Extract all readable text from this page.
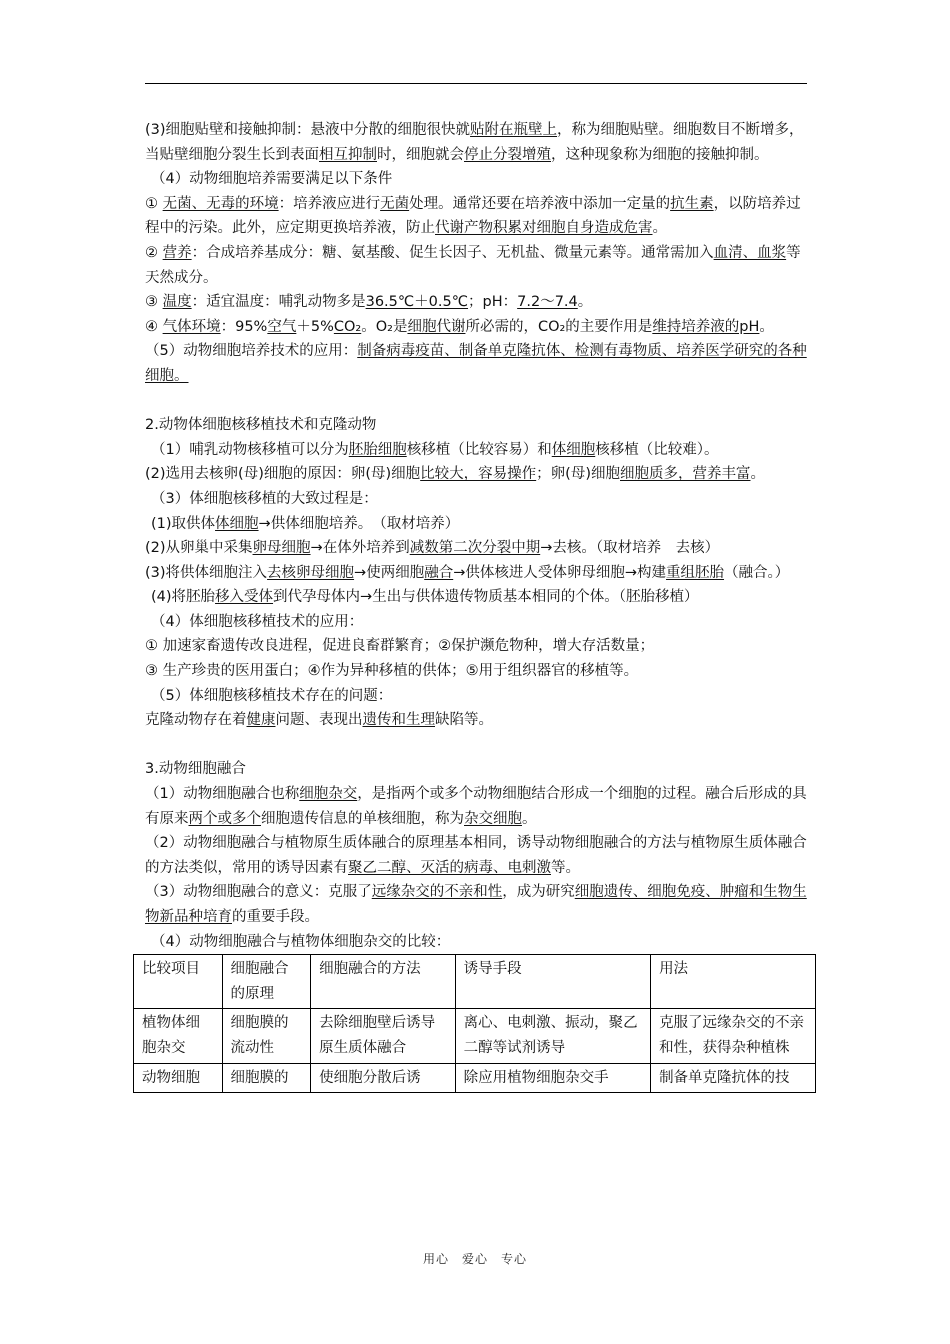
(3)细胞贴壁和接触抑制：悬液中分散的细胞很快就贴附在瓶壁上，称为细胞贴壁。细胞数目不断增多，当贴壁细胞分裂生长到表面相互抑制时，细胞就会停止分裂增殖，这种现象称为细胞的接触抑制。

（4）动物细胞培养需要满足以下条件

① 无菌、无毒的环境：培养液应进行无菌处理。通常还要在培养液中添加一定量的抗生素，以防培养过程中的污染。此外，应定期更换培养液，防止代谢产物积累对细胞自身造成危害。

② 营养：合成培养基成分：糖、氨基酸、促生长因子、无机盐、微量元素等。通常需加入血清、血浆等天然成分。

③ 温度：适宜温度：哺乳动物多是36.5℃＋0.5℃；pH：7.2～7.4。

④ 气体环境：95%空气＋5%CO₂。O₂是细胞代谢所必需的，CO₂的主要作用是维持培养液的pH。

（5）动物细胞培养技术的应用：制备病毒疫苗、制备单克隆抗体、检测有毒物质、培养医学研究的各种细胞。

2.动物体细胞核移植技术和克隆动物

（1）哺乳动物核移植可以分为胚胎细胞核移植（比较容易）和体细胞核移植（比较难）。

(2)选用去核卵(母)细胞的原因：卵(母)细胞比较大，容易操作；卵(母)细胞细胞质多，营养丰富。

（3）体细胞核移植的大致过程是：

(1)取供体体细胞→供体细胞培养。　（取材培养）

(2)从卵巢中采集卵母细胞→在体外培养到减数第二次分裂中期→去核。（取材培养　去核）

(3)将供体细胞注入去核卵母细胞→使两细胞融合→供体核进人受体卵母细胞→构建重组胚胎（融合。）

(4)将胚胎移入受体到代孕母体内→生出与供体遗传物质基本相同的个体。（胚胎移植）

（4）体细胞核移植技术的应用：

① 加速家畜遗传改良进程，促进良畜群繁育；②保护濒危物种，增大存活数量；

③ 生产珍贵的医用蛋白；④作为异种移植的供体；⑤用于组织器官的移植等。

（5）体细胞核移植技术存在的问题：

克隆动物存在着健康问题、表现出遗传和生理缺陷等。

3.动物细胞融合

（1）动物细胞融合也称细胞杂交，是指两个或多个动物细胞结合形成一个细胞的过程。融合后形成的具有原来两个或多个细胞遗传信息的单核细胞，称为杂交细胞。

（2）动物细胞融合与植物原生质体融合的原理基本相同，诱导动物细胞融合的方法与植物原生质体融合的方法类似，常用的诱导因素有聚乙二醇、灭活的病毒、电刺激等。

（3）动物细胞融合的意义：克服了远缘杂交的不亲和性，成为研究细胞遗传、细胞免疫、肿瘤和生物生物新品种培育的重要手段。

（4）动物细胞融合与植物体细胞杂交的比较：

比较项目	细胞融合的原理	细胞融合的方法	诱导手段	用法
植物体细胞杂交	细胞膜的流动性	去除细胞壁后诱导原生质体融合	离心、电刺激、振动，聚乙二醇等试剂诱导	克服了远缘杂交的不亲和性，获得杂种植株
动物细胞	细胞膜的	使细胞分散后诱	除应用植物细胞杂交手	制备单克隆抗体的技
用心　爱心　专心
